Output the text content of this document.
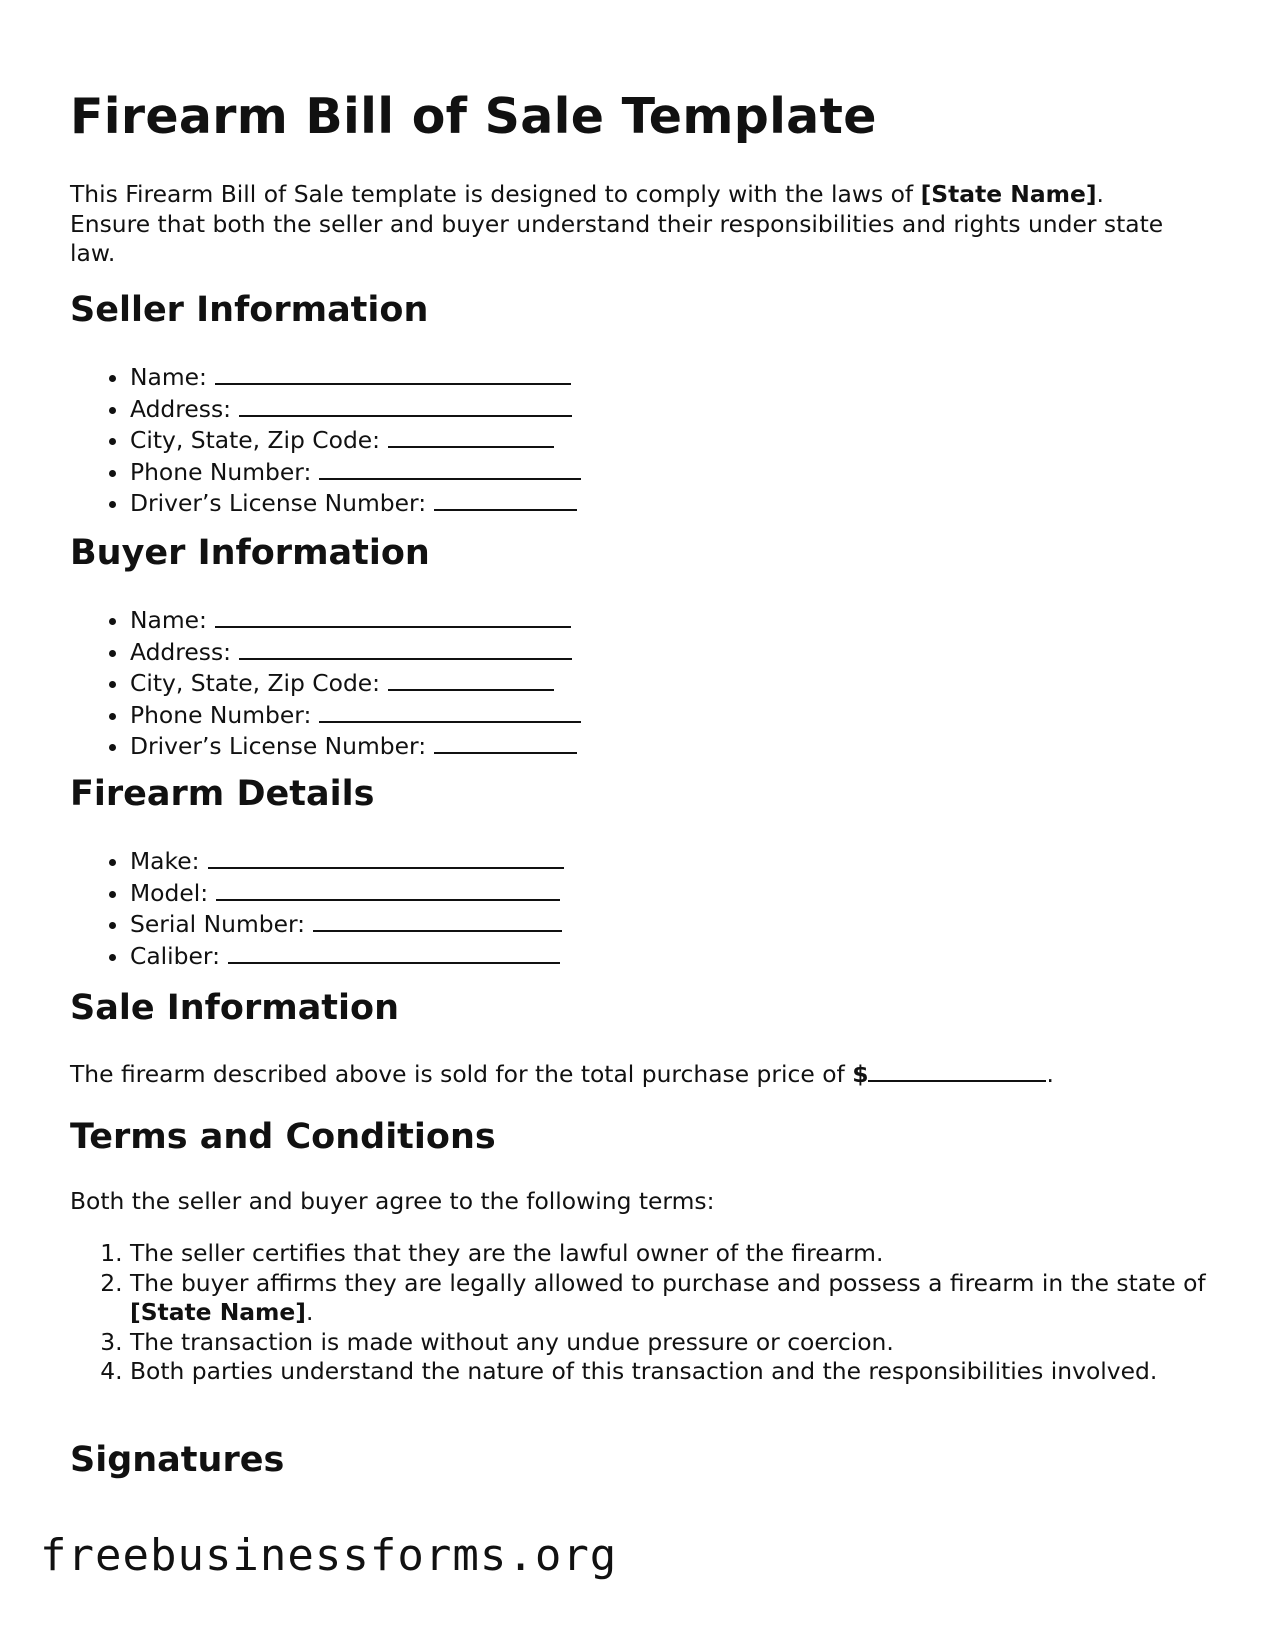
Firearm Bill of Sale Template

This Firearm Bill of Sale template is designed to comply with the laws of [State Name]. Ensure that both the seller and buyer understand their responsibilities and rights under state law.

Seller Information
• Name:
• Address:
• City, State, Zip Code:
• Phone Number:
• Driver’s License Number:
Buyer Information
• Name:
• Address:
• City, State, Zip Code:
• Phone Number:
• Driver’s License Number:
Firearm Details
• Make:
• Model:
• Serial Number:
• Caliber:
Sale Information

The firearm described above is sold for the total purchase price of $	.

Terms and Conditions

Both the seller and buyer agree to the following terms:

1. The seller certifies that they are the lawful owner of the firearm.
2. The buyer affirms they are legally allowed to purchase and possess a firearm in the state of [State Name].
3. The transaction is made without any undue pressure or coercion.
4. Both parties understand the nature of this transaction and the responsibilities involved.
Signatures
freebusinessforms.org
